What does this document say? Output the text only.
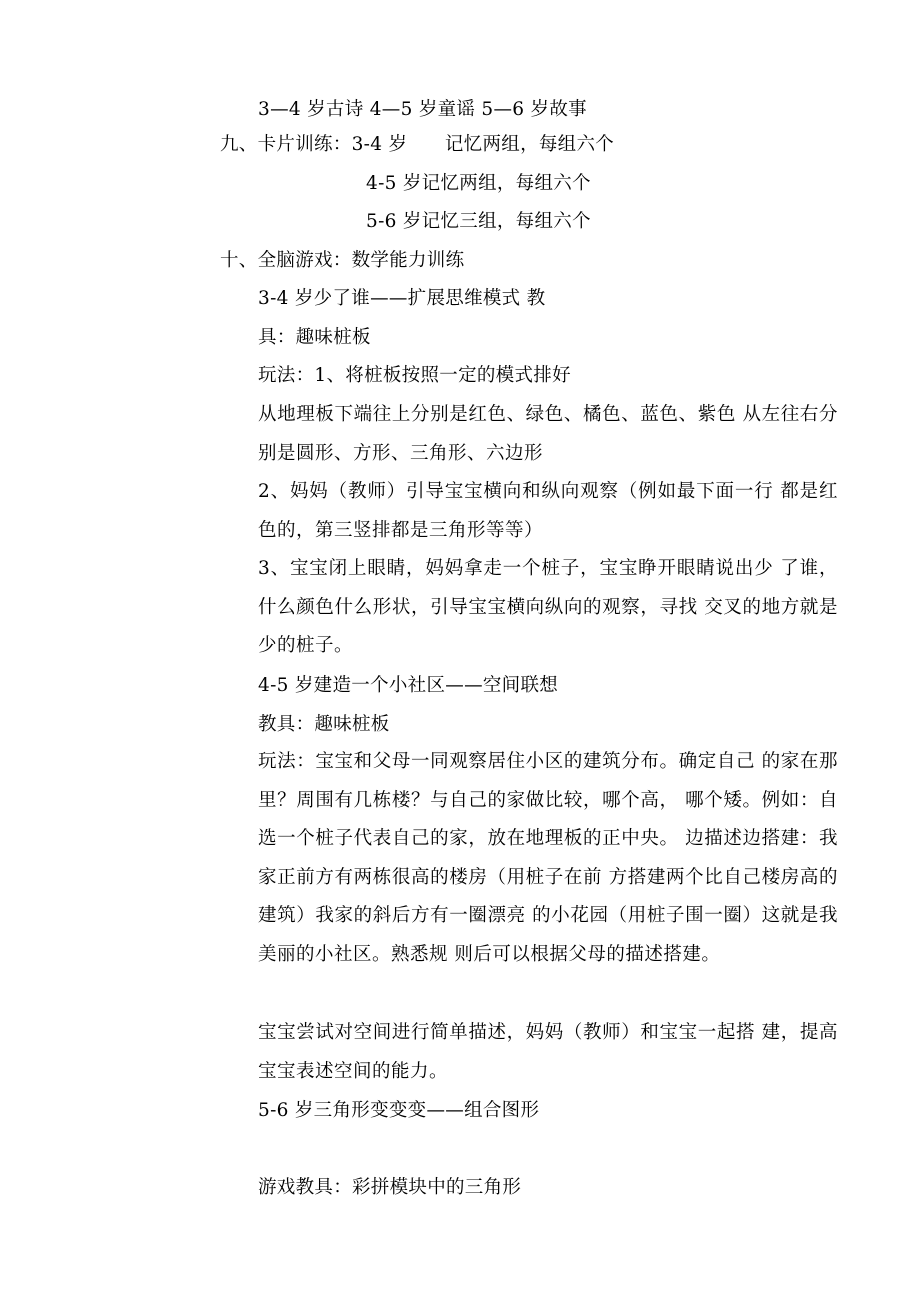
3—4 岁古诗 4—5 岁童谣 5—6 岁故事
九、卡片训练：3-4 岁　　记忆两组，每组六个
4-5 岁记忆两组，每组六个
5-6 岁记忆三组，每组六个
十、全脑游戏：数学能力训练
3-4 岁少了谁——扩展思维模式 教
具：趣味桩板
玩法：1、将桩板按照一定的模式排好
从地理板下端往上分别是红色、绿色、橘色、蓝色、紫色 从左往右分别是圆形、方形、三角形、六边形
2、妈妈（教师）引导宝宝横向和纵向观察（例如最下面一行 都是红色的，第三竖排都是三角形等等）
3、宝宝闭上眼睛，妈妈拿走一个桩子，宝宝睁开眼睛说出少 了谁，什么颜色什么形状，引导宝宝横向纵向的观察，寻找 交叉的地方就是少的桩子。
4-5 岁建造一个小社区——空间联想
教具：趣味桩板
玩法：宝宝和父母一同观察居住小区的建筑分布。确定自己 的家在那里？周围有几栋楼？与自己的家做比较，哪个高， 哪个矮。例如：自选一个桩子代表自己的家，放在地理板的正中央。 边描述边搭建：我家正前方有两栋很高的楼房（用桩子在前 方搭建两个比自己楼房高的建筑）我家的斜后方有一圈漂亮 的小花园（用桩子围一圈）这就是我美丽的小社区。熟悉规 则后可以根据父母的描述搭建。
宝宝尝试对空间进行简单描述，妈妈（教师）和宝宝一起搭 建，提高宝宝表述空间的能力。
5-6 岁三角形变变变——组合图形
游戏教具：彩拼模块中的三角形
